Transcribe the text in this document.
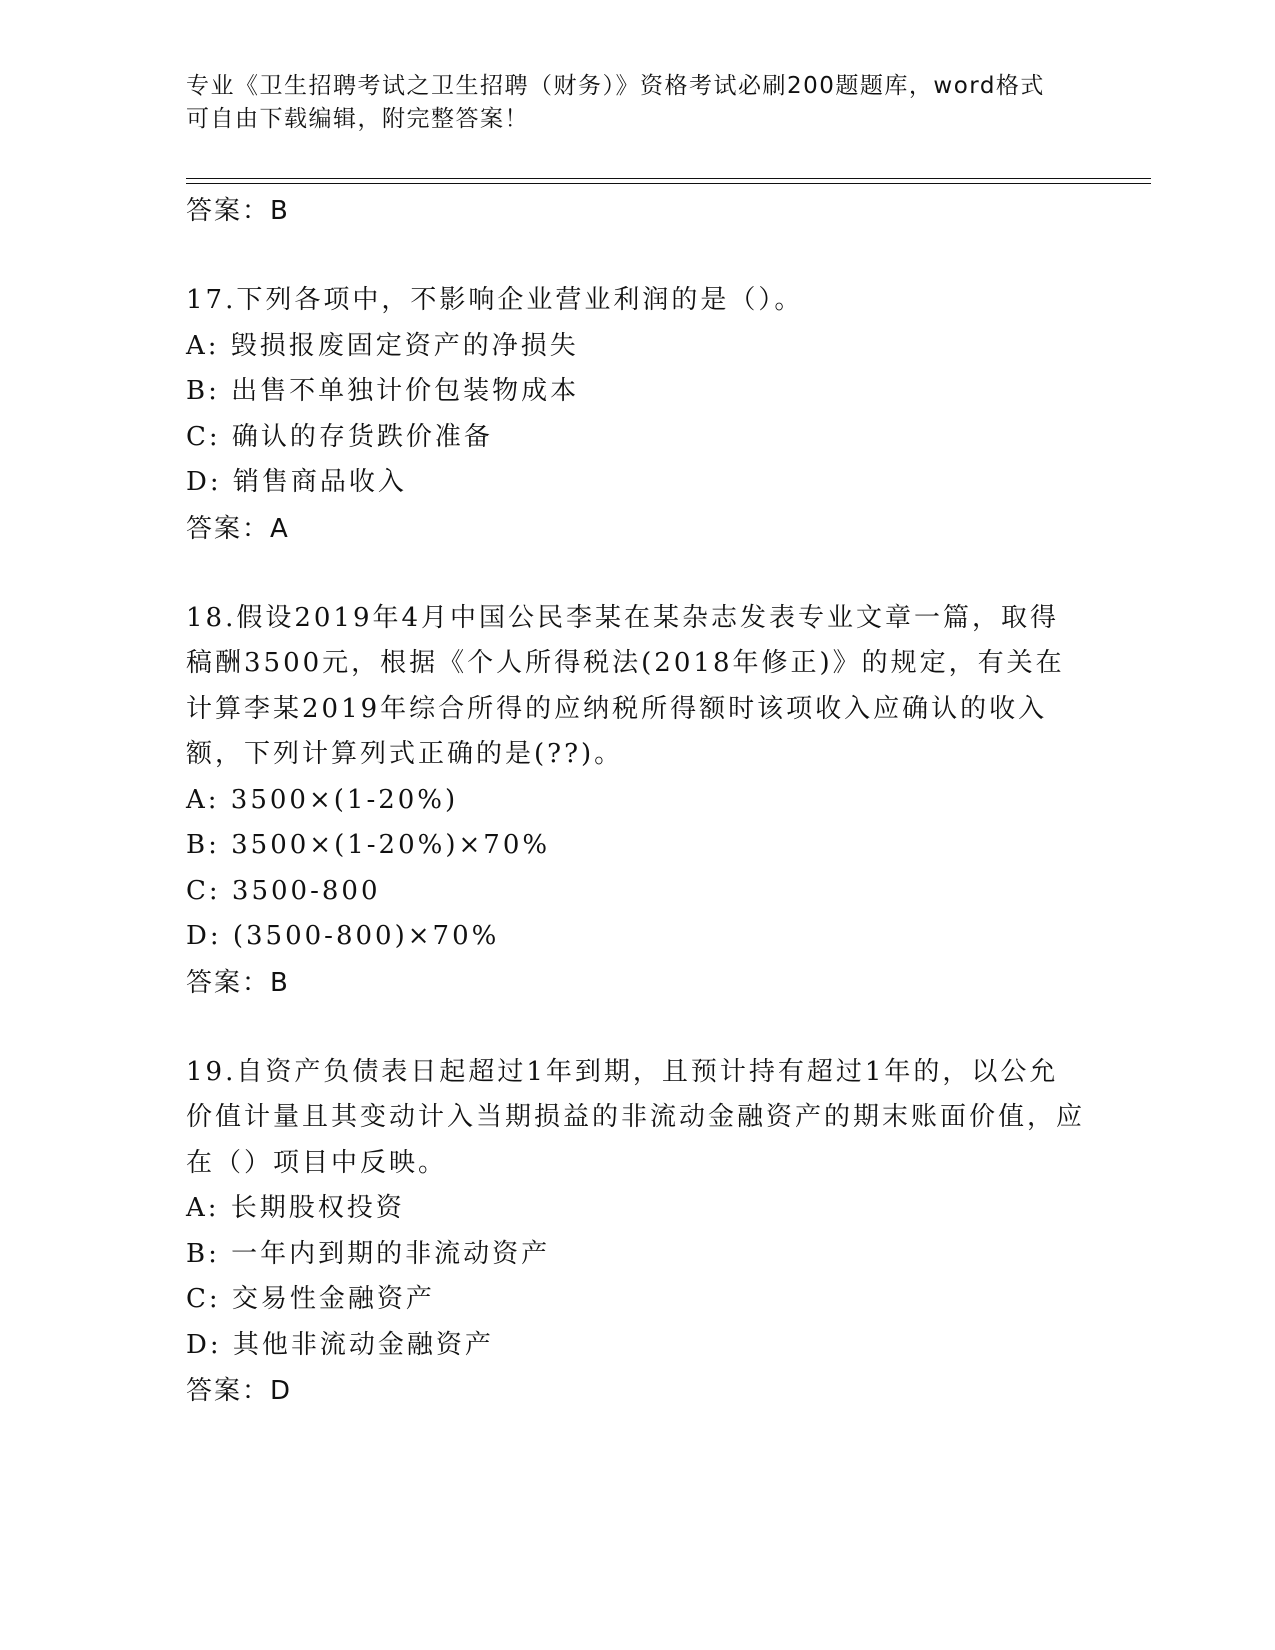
专业《卫生招聘考试之卫生招聘（财务）》资格考试必刷200题题库，word格式
可自由下载编辑，附完整答案！
答案：B
17.下列各项中，不影响企业营业利润的是（）。
A: 毁损报废固定资产的净损失
B: 出售不单独计价包装物成本
C: 确认的存货跌价准备
D: 销售商品收入
答案：A
18.假设2019年4月中国公民李某在某杂志发表专业文章一篇，取得稿酬3500元，根据《个人所得税法(2018年修正)》的规定，有关在计算李某2019年综合所得的应纳税所得额时该项收入应确认的收入额，下列计算列式正确的是(??)。
A: 3500×(1-20%)
B: 3500×(1-20%)×70%
C: 3500-800
D: (3500-800)×70%
答案：B
19.自资产负债表日起超过1年到期，且预计持有超过1年的，以公允价值计量且其变动计入当期损益的非流动金融资产的期末账面价值，应在（）项目中反映。
A: 长期股权投资
B: 一年内到期的非流动资产
C: 交易性金融资产
D: 其他非流动金融资产
答案：D
